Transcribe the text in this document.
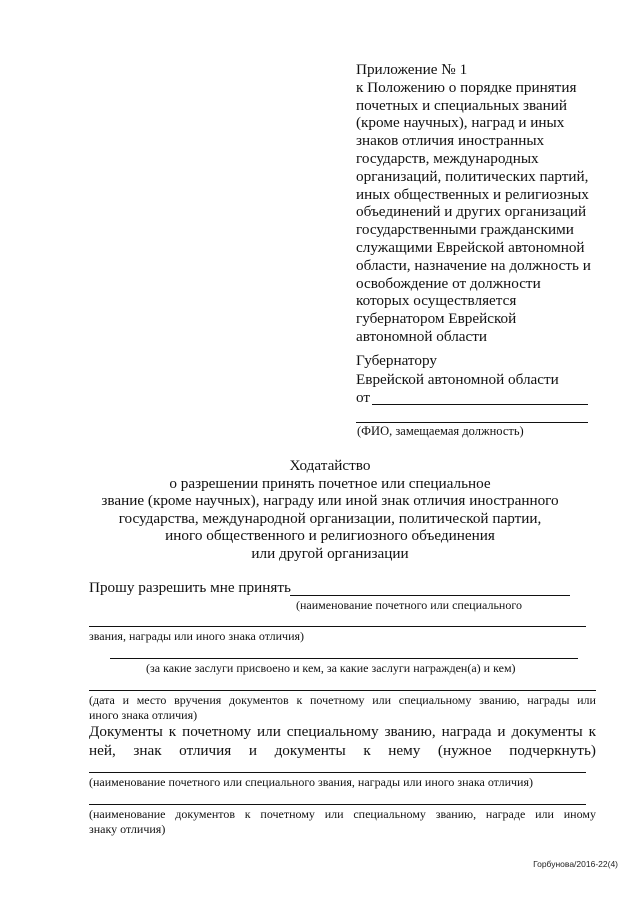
Приложение № 1
к Положению о порядке принятия
почетных и специальных званий
(кроме научных), наград и иных
знаков отличия иностранных
государств, международных
организаций, политических партий,
иных общественных и религиозных
объединений и других организаций
государственными гражданскими
служащими Еврейской автономной
области, назначение на должность и
освобождение от должности
которых осуществляется
губернатором Еврейской
автономной области
Губернатору
Еврейской автономной области
от
(ФИО, замещаемая должность)
Ходатайство
о разрешении принять почетное или специальное
звание (кроме научных), награду или иной знак отличия иностранного
государства, международной организации, политической партии,
иного общественного и религиозного объединения
или другой организации
Прошу разрешить мне принять
(наименование почетного или специального
звания, награды или иного знака отличия)
(за какие заслуги присвоено и кем, за какие заслуги награжден(а) и кем)
(дата и место вручения документов к почетному или специальному званию, награды или
иного знака отличия)
Документы к почетному или специальному званию, награда и документы к
ней, знак отличия и документы к нему (нужное подчеркнуть)
(наименование почетного или специального звания, награды или иного знака отличия)
(наименование документов к почетному или специальному званию, награде или иному
знаку отличия)
Горбунова/2016-22(4)
